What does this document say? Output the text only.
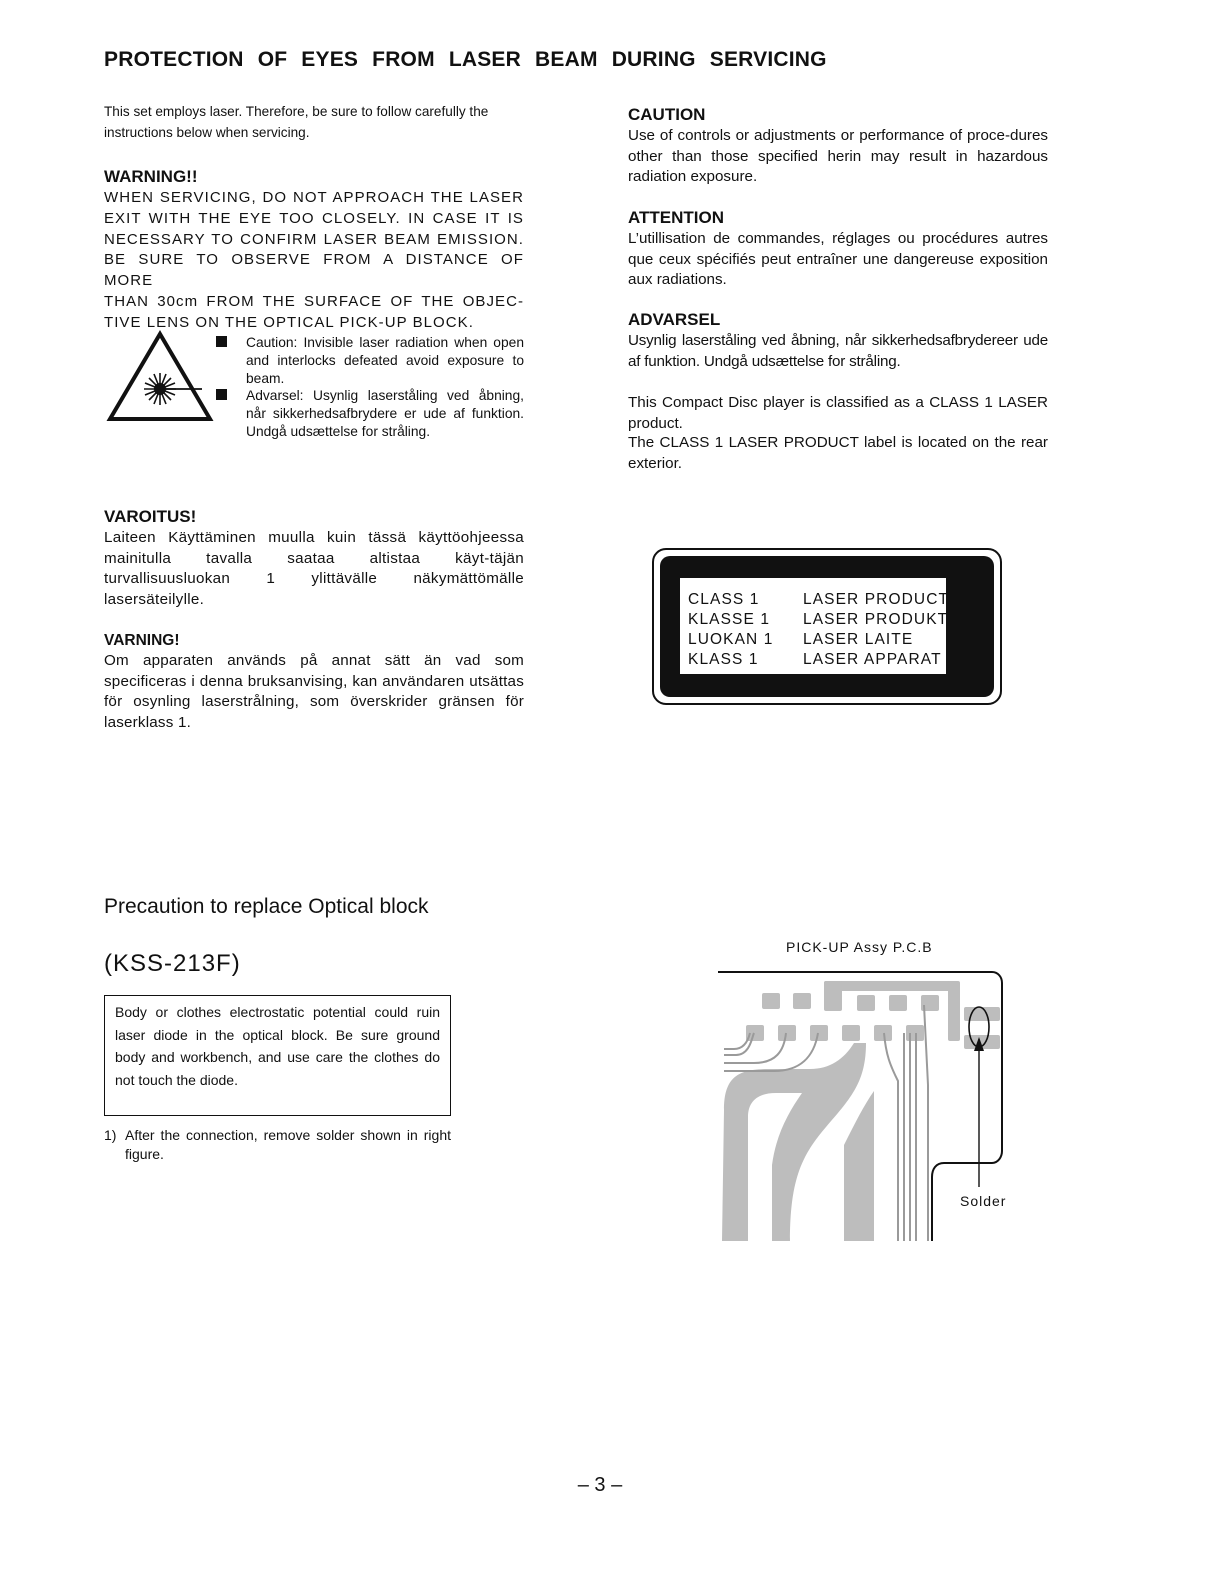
PROTECTION OF EYES FROM LASER BEAM DURING SERVICING
This set employs laser. Therefore, be sure to follow carefully the instructions below when servicing.
WARNING!!
WHEN SERVICING, DO NOT APPROACH THE LASER
EXIT WITH THE EYE TOO CLOSELY. IN CASE IT IS
NECESSARY TO CONFIRM LASER BEAM EMISSION.
BE SURE TO OBSERVE FROM A DISTANCE OF MORE
THAN 30cm FROM THE SURFACE OF THE OBJEC-
TIVE LENS ON THE OPTICAL PICK-UP BLOCK.
Caution: Invisible laser radiation when open and interlocks defeated avoid exposure to beam.
Advarsel: Usynlig laserståling ved åbning, når sikkerhedsafbrydere er ude af funktion. Undgå udsættelse for stråling.
VAROITUS!
Laiteen Käyttäminen muulla kuin tässä käyttöohjeessa mainitulla tavalla saataa altistaa käyt-täjän turvallisuusluokan 1 ylittävälle näkymättömälle lasersäteilylle.
VARNING!
Om apparaten används på annat sätt än vad som specificeras i denna bruksanvising, kan användaren utsättas för osynling laserstrålning, som överskrider gränsen för laserklass 1.
CAUTION
Use of controls or adjustments or performance of proce-dures other than those specified herin may result in hazardous radiation exposure.
ATTENTION
L’utillisation de commandes, réglages ou procédures autres que ceux spécifiés peut entraîner une dangereuse exposition aux radiations.
ADVARSEL
Usynlig laserståling ved åbning, når sikkerhedsafbrydereer ude af funktion. Undgå udsættelse for stråling.
This Compact Disc player is classified as a CLASS 1 LASER product.
The CLASS 1 LASER PRODUCT label is located on the rear exterior.
CLASS 1	LASER PRODUCT
KLASSE 1 LASER PRODUKT
LUOKAN 1 LASER LAITE
KLASS 1	LASER APPARAT
Precaution to replace Optical block
(KSS-213F)
Body or clothes electrostatic potential could ruin laser diode in the optical block. Be sure ground body and workbench, and use care the clothes do not touch the diode.
1) After the connection, remove solder shown in right figure.
PICK-UP Assy P.C.B
Solder
– 3 –
